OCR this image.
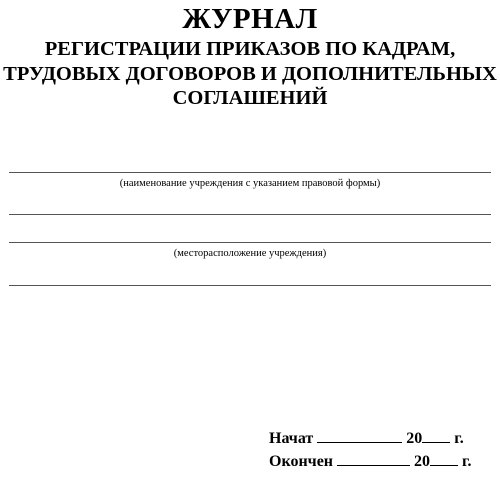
ЖУРНАЛ
РЕГИСТРАЦИИ ПРИКАЗОВ ПО КАДРАМ,
ТРУДОВЫХ ДОГОВОРОВ И ДОПОЛНИТЕЛЬНЫХ
СОГЛАШЕНИЙ
(наименование учреждения с указанием правовой формы)
(месторасположение учреждения)
Начат	20 г.
Окончен	20 г.
